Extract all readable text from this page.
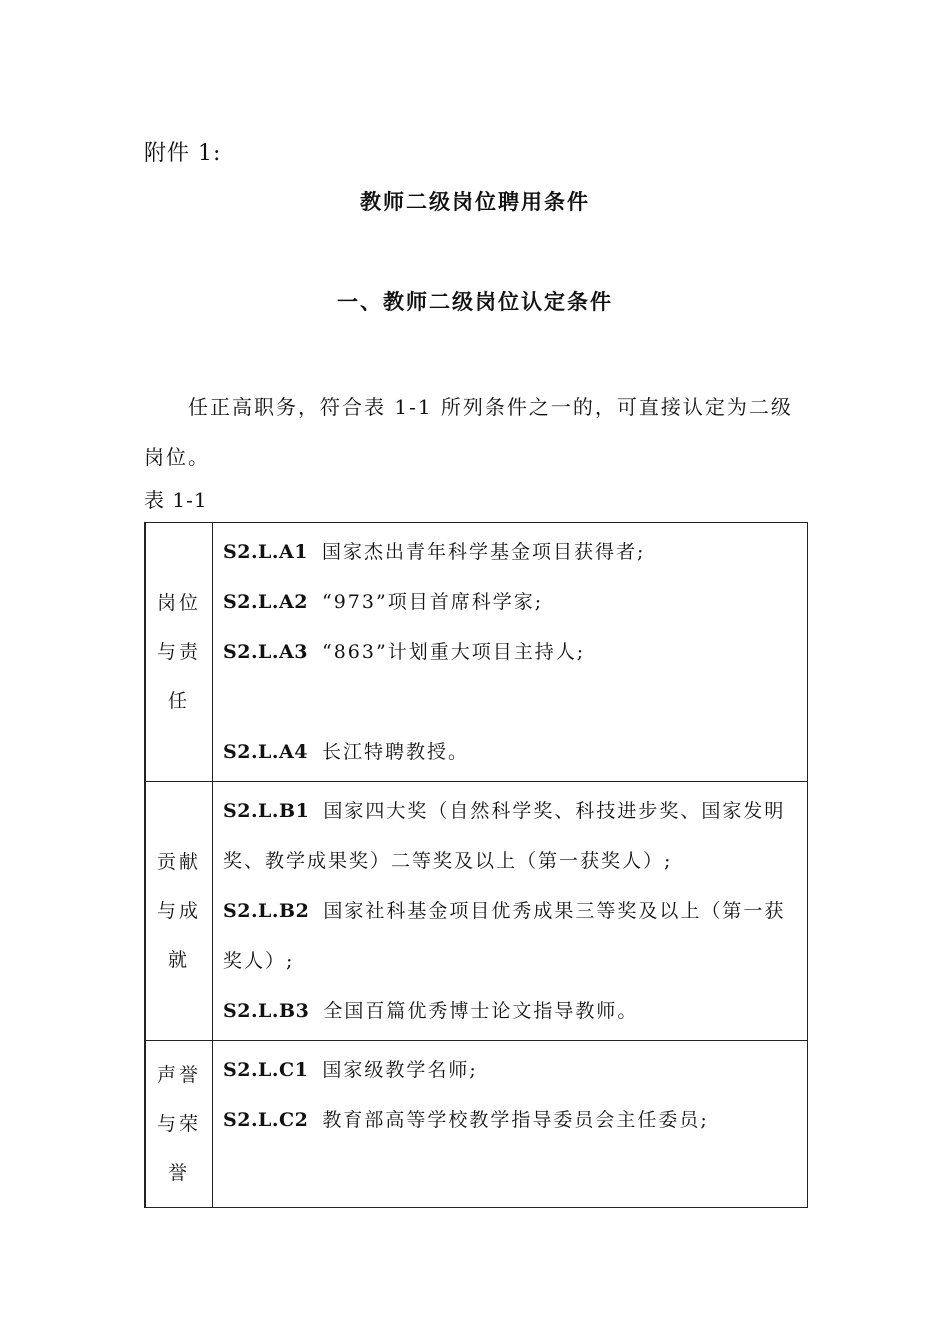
附件 1:
教师二级岗位聘用条件
一、教师二级岗位认定条件

任正高职务，符合表 1-1 所列条件之一的，可直接认定为二级岗位。

表 1-1
岗位与责任	S2.L.A1 国家杰出青年科学基金项目获得者;

S2.L.A2 “973”项目首席科学家;

S2.L.A3 “863”计划重大项目主持人;

S2.L.A4 长江特聘教授。

贡献与成就	S2.L.B1 国家四大奖（自然科学奖、科技进步奖、国家发明奖、教学成果奖）二等奖及以上（第一获奖人）;

S2.L.B2 国家社科基金项目优秀成果三等奖及以上（第一获奖人）;

S2.L.B3 全国百篇优秀博士论文指导教师。

声誉与荣誉	S2.L.C1 国家级教学名师;

S2.L.C2 教育部高等学校教学指导委员会主任委员;
